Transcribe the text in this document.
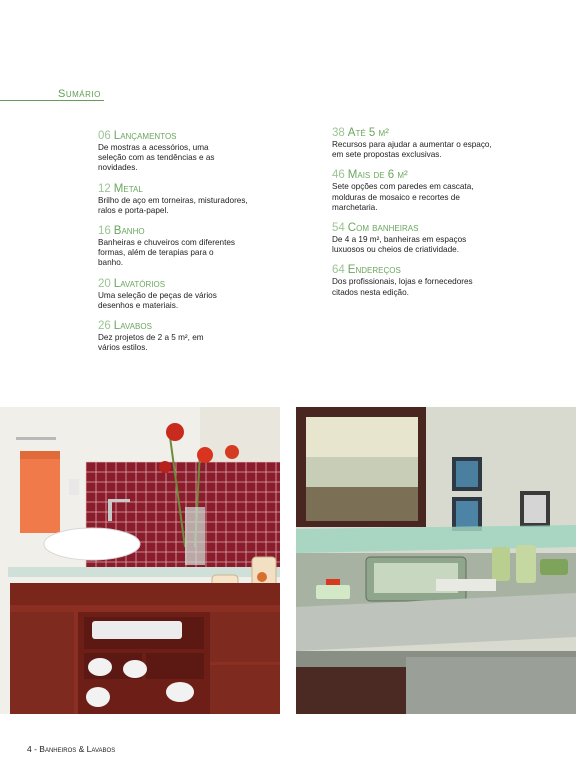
Sumário
06 Lançamentos
De mostras a acessórios, uma seleção com as tendências e as novidades.
12 Metal
Brilho de aço em torneiras, misturadores, ralos e porta-papel.
16 Banho
Banheiras e chuveiros com diferentes formas, além de terapias para o banho.
20 Lavatórios
Uma seleção de peças de vários desenhos e materiais.
26 Lavabos
Dez projetos de 2 a 5 m², em vários estilos.
38 Até 5 m²
Recursos para ajudar a aumentar o espaço, em sete propostas exclusivas.
46 Mais de 6 m²
Sete opções com paredes em cascata, molduras de mosaico e recortes de marchetaria.
54 Com banheiras
De 4 a 19 m², banheiras em espaços luxuosos ou cheios de criatividade.
64 Endereços
Dos profissionais, lojas e fornecedores citados nesta edição.
4 - Banheiros & Lavabos
